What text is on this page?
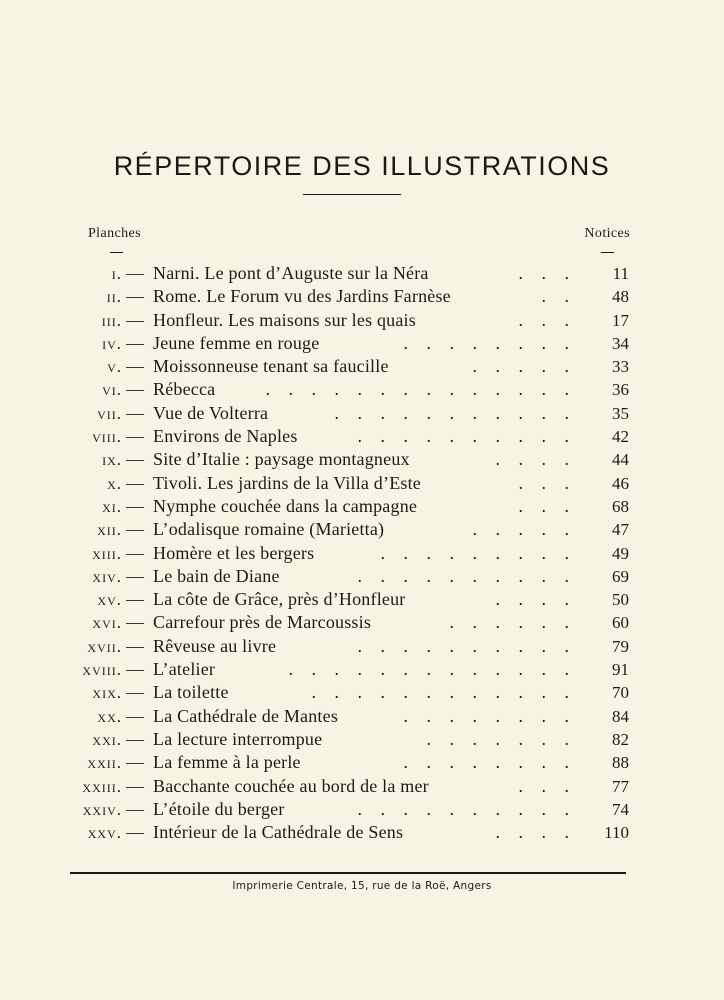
RÉPERTOIRE DES ILLUSTRATIONS
Planches	Notices
i. — Narni. Le pont d’Auguste sur la Néra	. . . 11
ii. — Rome. Le Forum vu des Jardins Farnèse	. . 48
iii. — Honfleur. Les maisons sur les quais	. . . 17
iv. — Jeune femme en rouge	. . . . . . . . 34
v. — Moissonneuse tenant sa faucille	. . . . . 33
vi. — Rébecca	. . . . . . . . . . . . . . 36
vii. — Vue de Volterra	. . . . . . . . . . . 35
viii. — Environs de Naples	. . . . . . . . . . 42
ix. — Site d’Italie : paysage montagneux	. . . . 44
x. — Tivoli. Les jardins de la Villa d’Este	. . . 46
xi. — Nymphe couchée dans la campagne	. . . 68
xii. — L’odalisque romaine (Marietta)	. . . . . 47
xiii. — Homère et les bergers	. . . . . . . . . 49
xiv. — Le bain de Diane	. . . . . . . . . . 69
xv. — La côte de Grâce, près d’Honfleur	. . . . 50
xvi. — Carrefour près de Marcoussis	. . . . . . 60
xvii. — Rêveuse au livre	. . . . . . . . . . 79
xviii. — L’atelier	. . . . . . . . . . . . . 91
xix. — La toilette	. . . . . . . . . . . . 70
xx. — La Cathédrale de Mantes	. . . . . . . . 84
xxi. — La lecture interrompue	. . . . . . . 82
xxii. — La femme à la perle	. . . . . . . . 88
xxiii. — Bacchante couchée au bord de la mer	. . . 77
xxiv. — L’étoile du berger	. . . . . . . . . . 74
xxv. — Intérieur de la Cathédrale de Sens	. . . . 110
Imprimerie Centrale, 15, rue de la Roë, Angers
